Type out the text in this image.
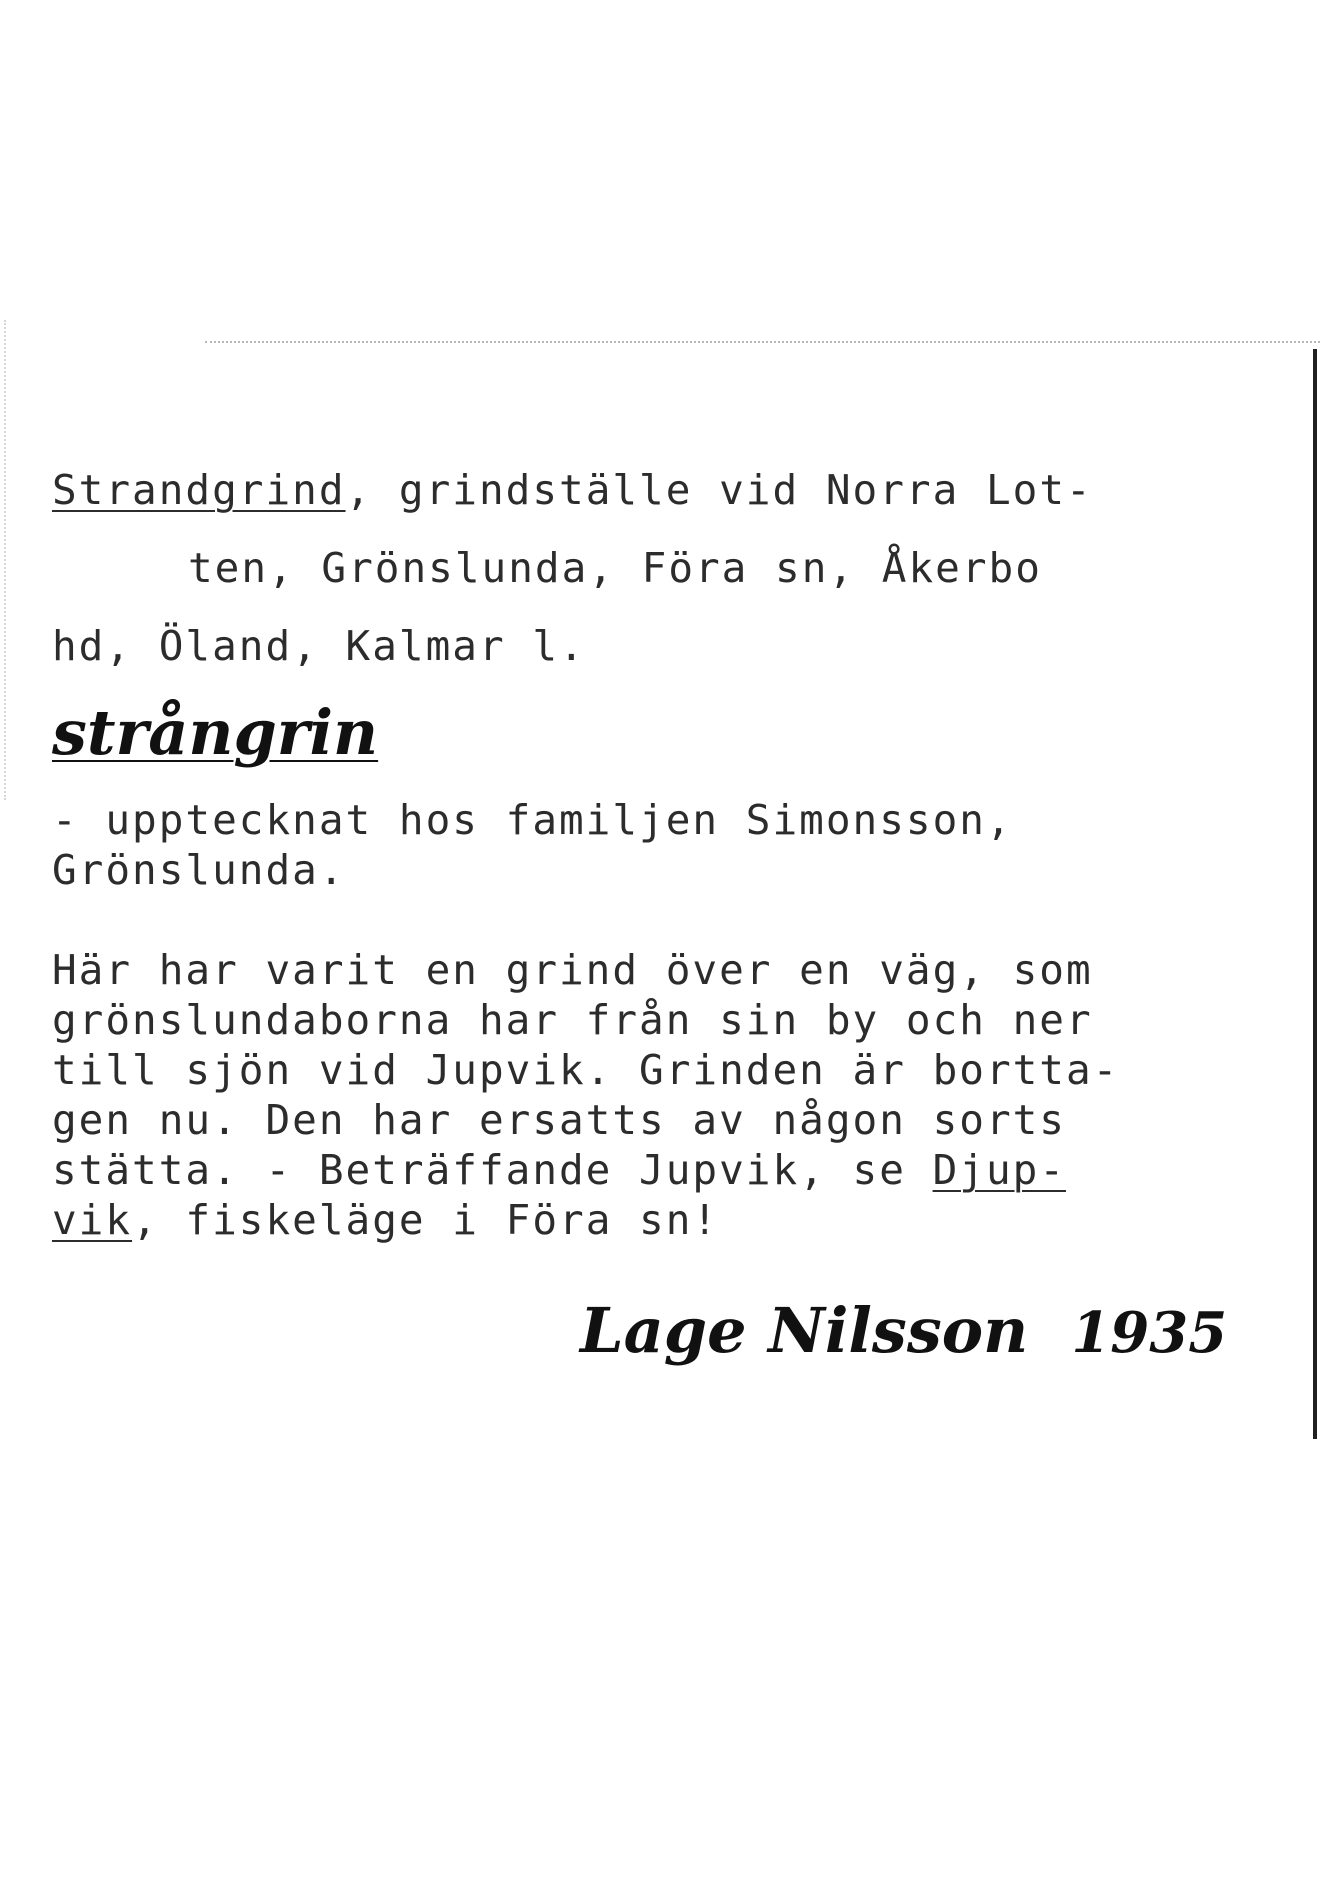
Strandgrind, grindställe vid Norra Lot-
ten, Grönslunda, Föra sn, Åkerbo
hd, Öland, Kalmar l.
strångrin
- upptecknat hos familjen Simonsson,
Grönslunda.
Här har varit en grind över en väg, som
grönslundaborna har från sin by och ner
till sjön vid Jupvik. Grinden är bortta-
gen nu. Den har ersatts av någon sorts
stätta. - Beträffande Jupvik, se Djup-
vik, fiskeläge i Föra sn!
Lage Nilsson 1935
